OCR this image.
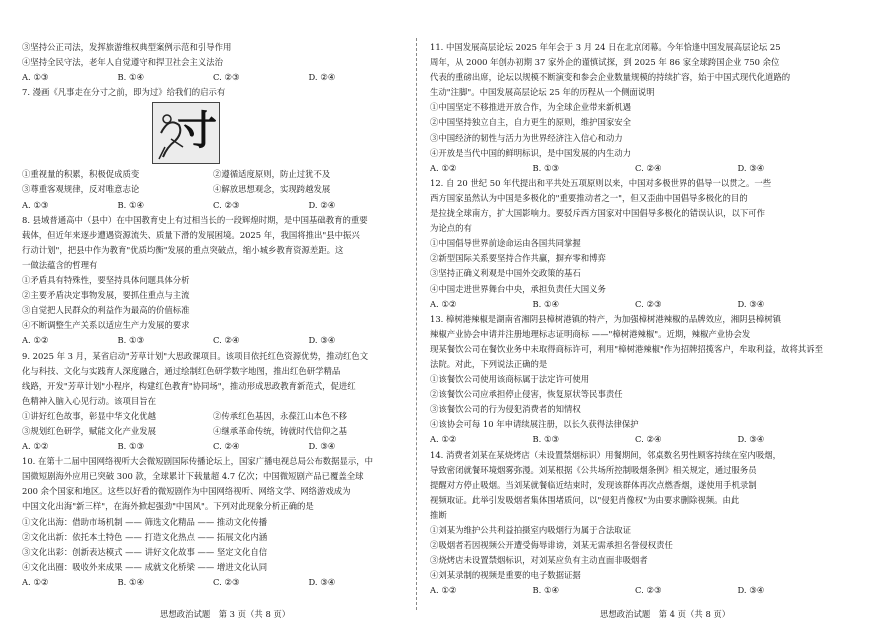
③坚持公正司法，发挥旅游维权典型案例示范和引导作用
④坚持全民守法，老年人自觉遵守和捍卫社会主义法治
A. ①③	B. ①④	C. ②③	D. ②④
7. 漫画《凡事走在分寸之前，即为过》给我们的启示有
寸
①重视量的积累，积极促成质变	②遵循适度原则，防止过犹不及
③尊重客观规律，反对唯意志论	④解放思想观念，实现跨越发展
A. ①③	B. ①④	C. ②③	D. ②④
8. 县域普通高中（县中）在中国教育史上有过相当长的一段辉煌时期，是中国基础教育的重要
载体，但近年来逐步遭遇资源流失、质量下滑的发展困境。2025 年，我国将推出"县中振兴
行动计划"，把县中作为教育"优质均衡"发展的重点突破点，缩小城乡教育资源差距。这
一做法蕴含的哲理有
①矛盾具有特殊性，要坚持具体问题具体分析
②主要矛盾决定事物发展，要抓住重点与主流
③自觉把人民群众的利益作为最高的价值标准
④不断调整生产关系以适应生产力发展的要求
A. ①②	B. ①③	C. ②④	D. ③④
9. 2025 年 3 月，某省启动"芳草计划"大思政课项目。该项目依托红色资源优势，推动红色文
化与科技、文化与实践育人深度融合，通过绘制红色研学数字地图，推出红色研学精品
线路，开发"芳草计划"小程序，构建红色教育"协同场"，推动形成思政教育新范式，促进红
色精神入脑入心见行动。该项目旨在
①讲好红色故事，彰显中华文化优越	②传承红色基因，永葆江山本色不移
③规划红色研学，赋能文化产业发展	④继承革命传统，铸就时代信仰之基
A. ①②	B. ①③	C. ②④	D. ③④
10. 在第十二届中国网络视听大会微短剧国际传播论坛上，国家广播电视总局公布数据显示，中
国微短剧海外应用已突破 300 款，全球累计下载量超 4.7 亿次；中国微短剧产品已覆盖全球
200 余个国家和地区。这些以好看的微短剧作为中国网络视听、网络文学、网络游戏成为
中国文化出海"新三样"，在海外掀起强劲"中国风"。下列对此现象分析正确的是
①文化出海：借助市场机制 —— 筛选文化精品 —— 推动文化传播
②文化出新：依托本土特色 —— 打造文化热点 —— 拓展文化内涵
③文化出彩：创新表达模式 —— 讲好文化故事 —— 坚定文化自信
④文化出圈：吸收外来成果 —— 成就文化桥梁 —— 增进文化认同
A. ①②	B. ①④	C. ②③	D. ③④
11. 中国发展高层论坛 2025 年年会于 3 月 24 日在北京闭幕。今年恰逢中国发展高层论坛 25
周年，从 2000 年创办初期 37 家外企的谨慎试探，到 2025 年 86 家全球跨国企业 750 余位
代表的重磅出席，论坛以规模不断演变和参会企业数量规模的持续扩容，始于中国式现代化道路的
生动"注脚"。中国发展高层论坛 25 年的历程从一个侧面说明
①中国坚定不移推进开放合作，为全球企业带来新机遇
②中国坚持独立自主，自力更生的原则，维护国家安全
③中国经济的韧性与活力为世界经济注入信心和动力
④开放是当代中国的鲜明标识，是中国发展的内生动力
A. ①②	B. ①③	C. ②④	D. ③④
12. 自 20 世纪 50 年代提出和平共处五项原则以来，中国对多极世界的倡导一以贯之。一些
西方国家虽然认为中国是多极化的"重要推动者之一"，但又歪曲中国倡导多极化的目的
是拉拢全球南方，扩大国影响力。要驳斥西方国家对中国倡导多极化的错误认识，以下可作
为论点的有
①中国倡导世界前途命运由各国共同掌握
②新型国际关系要坚持合作共赢，摒弃零和博弈
③坚持正确义利观是中国外交政策的基石
④中国走进世界舞台中央，承担负责任大国义务
A. ①②	B. ①④	C. ②③	D. ③④
13. 樟树港辣椒是湖南省湘阴县樟树港镇的特产，为加强樟树港辣椒的品牌效应，湘阴县樟树镇
辣椒产业协会申请并注册地理标志证明商标 ——"樟树港辣椒"。近期，辣椒产业协会发
现某餐饮公司在餐饮业务中未取得商标许可，利用"樟树港辣椒"作为招牌招揽客户，牟取利益，故将其诉至
法院。对此，下列说法正确的是
①该餐饮公司使用该商标属于法定许可使用
②该餐饮公司应承担停止侵害，恢复原状等民事责任
③该餐饮公司的行为侵犯消费者的知情权
④该协会可每 10 年申请续展注册，以长久获得法律保护
A. ①②	B. ①③	C. ②④	D. ③④
14. 消费者刘某在某烧烤店（未设置禁烟标识）用餐期间，邻桌数名男性顾客持续在室内吸烟，
导致密闭就餐环境烟雾弥漫。刘某根据《公共场所控制吸烟条例》相关规定，通过服务员
提醒对方停止吸烟。当刘某就餐临近结束时，发现该群体再次点燃香烟，遂使用手机录制
视频取证。此举引发吸烟者集体围堵质问，以"侵犯肖像权"为由要求删除视频。由此
推断
①刘某为维护公共利益拍摄室内吸烟行为属于合法取证
②吸烟者若因视频公开遭受侮辱诽谤，刘某无需承担名誉侵权责任
③烧烤店未设置禁烟标识，对刘某应负有主动直面非吸烟者
④刘某录制的视频是重要的电子数据证据
A. ①②	B. ①④	C. ②③	D. ③④
思想政治试题　第 3 页（共 8 页）	思想政治试题　第 4 页（共 8 页）
